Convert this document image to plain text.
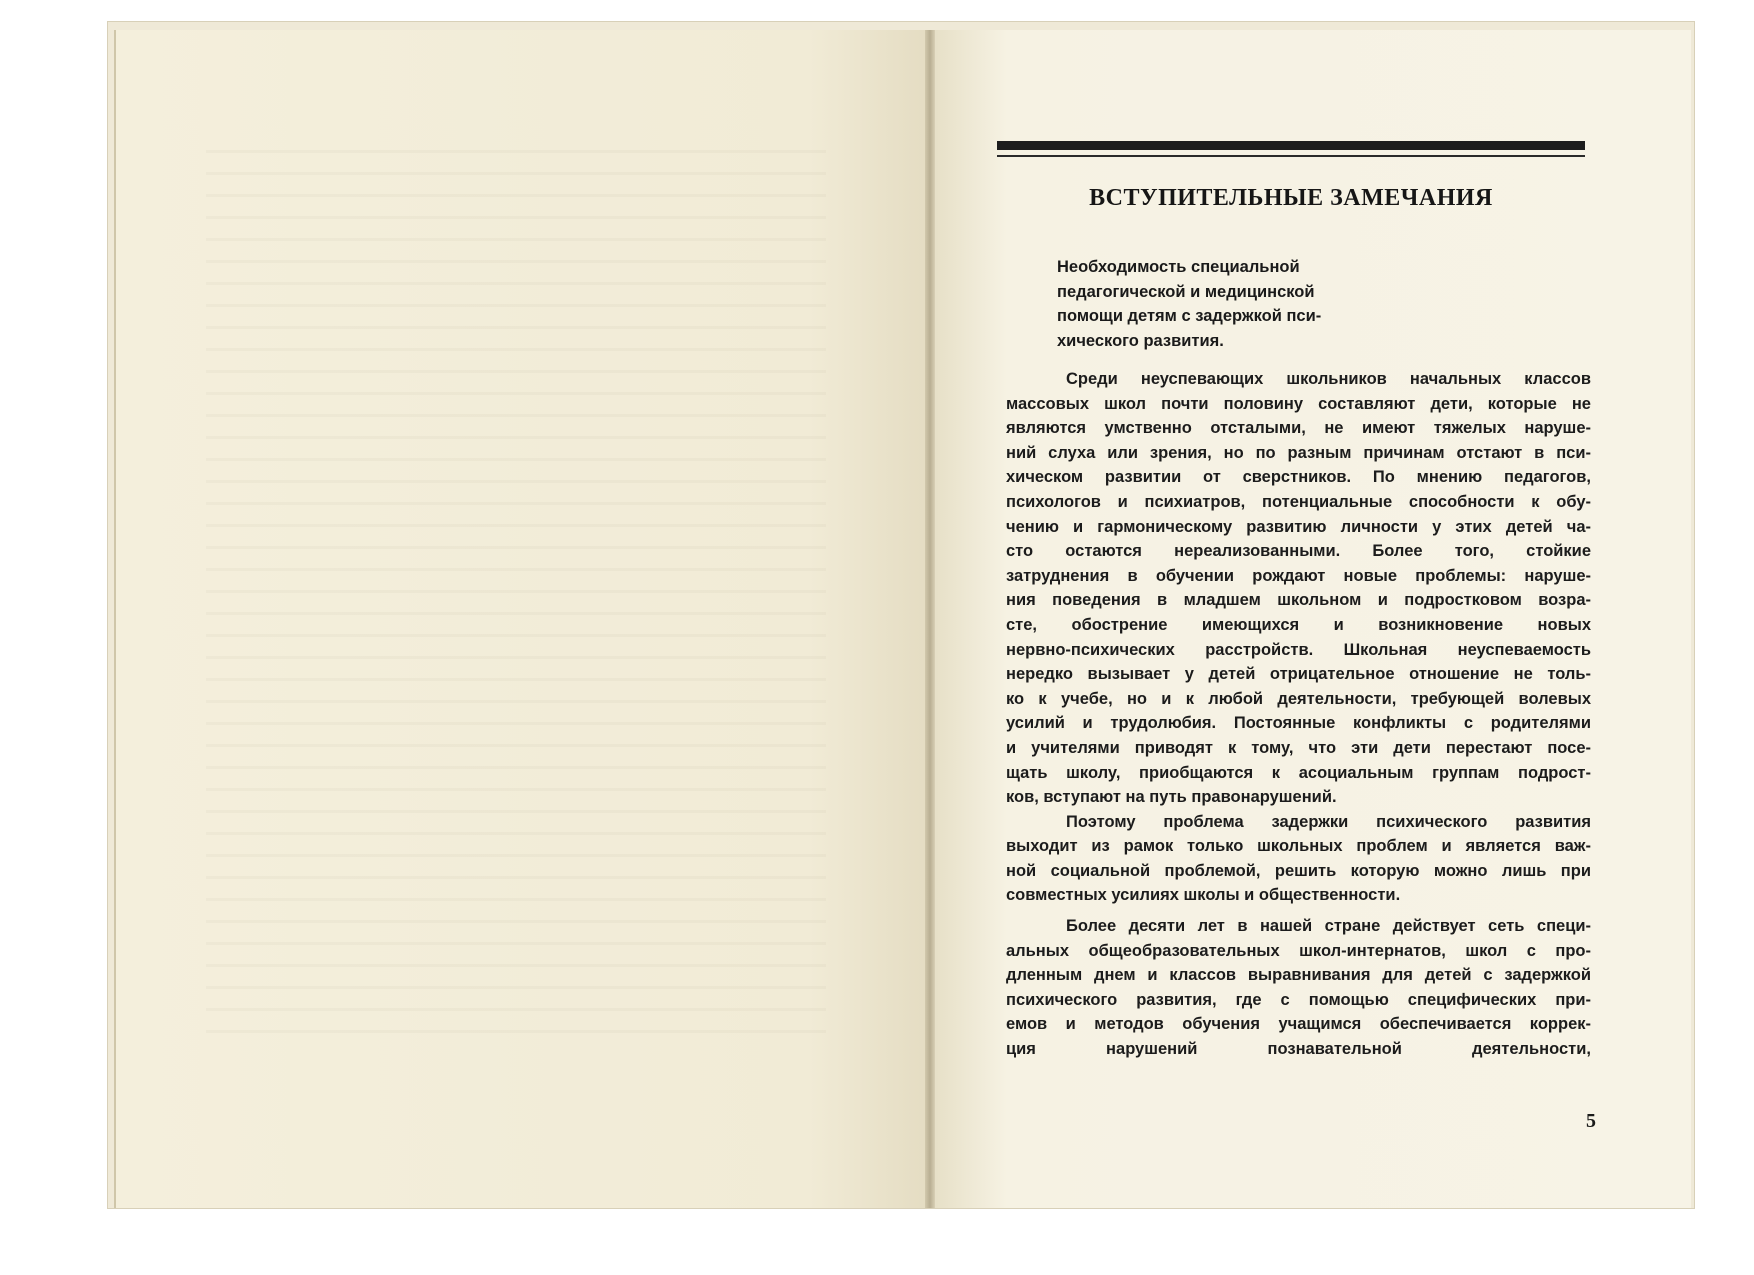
ВСТУПИТЕЛЬНЫЕ ЗАМЕЧАНИЯ
Необходимость специальной
педагогической и медицинской
помощи детям с задержкой пси-
хического развития.
Среди неуспевающих школьников начальных классов
массовых школ почти половину составляют дети, которые не
являются умственно отсталыми, не имеют тяжелых наруше-
ний слуха или зрения, но по разным причинам отстают в пси-
хическом развитии от сверстников. По мнению педагогов,
психологов и психиатров, потенциальные способности к обу-
чению и гармоническому развитию личности у этих детей ча-
сто остаются нереализованными. Более того, стойкие
затруднения в обучении рождают новые проблемы: наруше-
ния поведения в младшем школьном и подростковом возра-
сте, обострение имеющихся и возникновение новых
нервно-психических расстройств. Школьная неуспеваемость
нередко вызывает у детей отрицательное отношение не толь-
ко к учебе, но и к любой деятельности, требующей волевых
усилий и трудолюбия. Постоянные конфликты с родителями
и учителями приводят к тому, что эти дети перестают посе-
щать школу, приобщаются к асоциальным группам подрост-
ков, вступают на путь правонарушений.
Поэтому проблема задержки психического развития
выходит из рамок только школьных проблем и является важ-
ной социальной проблемой, решить которую можно лишь при
совместных усилиях школы и общественности.
Более десяти лет в нашей стране действует сеть специ-
альных общеобразовательных школ-интернатов, школ с про-
дленным днем и классов выравнивания для детей с задержкой
психического развития, где с помощью специфических при-
емов и методов обучения учащимся обеспечивается коррек-
ция нарушений познавательной деятельности,
5
